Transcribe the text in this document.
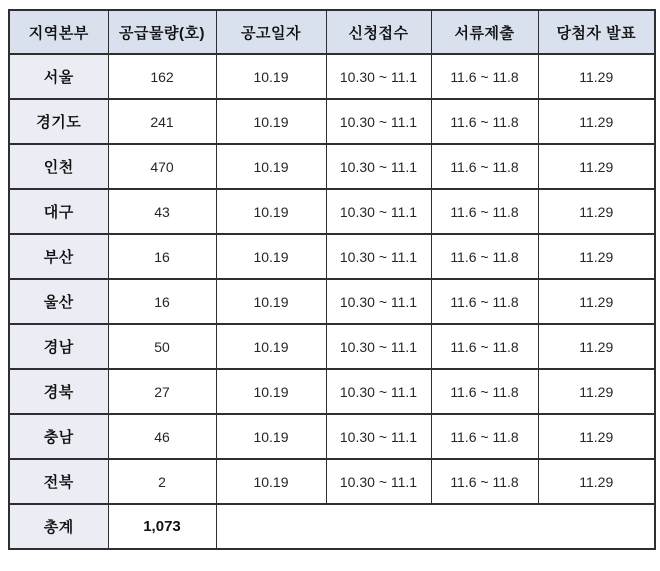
지역본부	공급물량(호)	공고일자	신청접수	서류제출	당첨자 발표
서울	162	10.19	10.30 ~ 11.1	11.6 ~ 11.8	11.29
경기도	241	10.19	10.30 ~ 11.1	11.6 ~ 11.8	11.29
인천	470	10.19	10.30 ~ 11.1	11.6 ~ 11.8	11.29
대구	43	10.19	10.30 ~ 11.1	11.6 ~ 11.8	11.29
부산	16	10.19	10.30 ~ 11.1	11.6 ~ 11.8	11.29
울산	16	10.19	10.30 ~ 11.1	11.6 ~ 11.8	11.29
경남	50	10.19	10.30 ~ 11.1	11.6 ~ 11.8	11.29
경북	27	10.19	10.30 ~ 11.1	11.6 ~ 11.8	11.29
충남	46	10.19	10.30 ~ 11.1	11.6 ~ 11.8	11.29
전북	2	10.19	10.30 ~ 11.1	11.6 ~ 11.8	11.29
총계	1,073				
